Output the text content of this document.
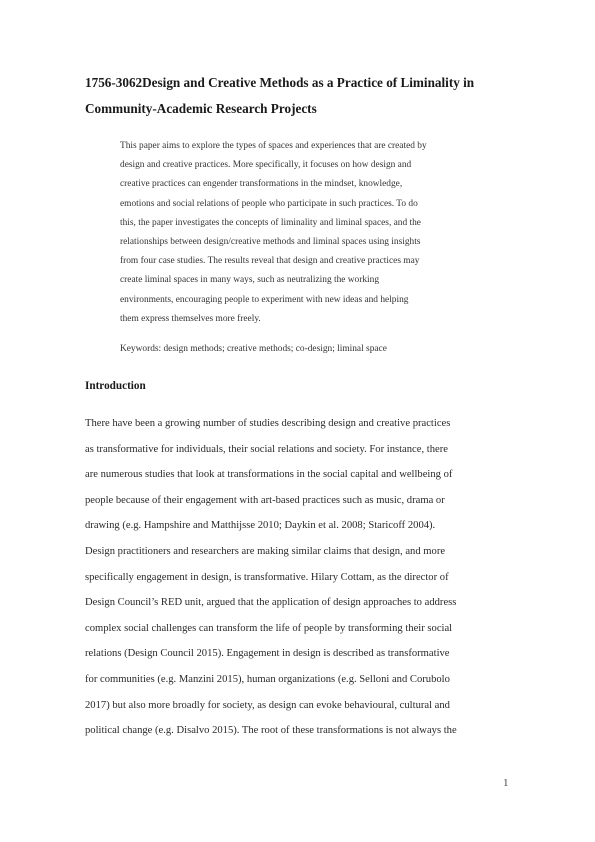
1756-3062Design and Creative Methods as a Practice of Liminality in
Community-Academic Research Projects
This paper aims to explore the types of spaces and experiences that are created by
design and creative practices. More specifically, it focuses on how design and
creative practices can engender transformations in the mindset, knowledge,
emotions and social relations of people who participate in such practices. To do
this, the paper investigates the concepts of liminality and liminal spaces, and the
relationships between design/creative methods and liminal spaces using insights
from four case studies. The results reveal that design and creative practices may
create liminal spaces in many ways, such as neutralizing the working
environments, encouraging people to experiment with new ideas and helping
them express themselves more freely.
Keywords: design methods; creative methods; co-design; liminal space
Introduction
There have been a growing number of studies describing design and creative practices
as transformative for individuals, their social relations and society. For instance, there
are numerous studies that look at transformations in the social capital and wellbeing of
people because of their engagement with art-based practices such as music, drama or
drawing (e.g. Hampshire and Matthijsse 2010; Daykin et al. 2008; Staricoff 2004).
Design practitioners and researchers are making similar claims that design, and more
specifically engagement in design, is transformative. Hilary Cottam, as the director of
Design Council’s RED unit, argued that the application of design approaches to address
complex social challenges can transform the life of people by transforming their social
relations (Design Council 2015). Engagement in design is described as transformative
for communities (e.g. Manzini 2015), human organizations (e.g. Selloni and Corubolo
2017) but also more broadly for society, as design can evoke behavioural, cultural and
political change (e.g. Disalvo 2015). The root of these transformations is not always the
1
